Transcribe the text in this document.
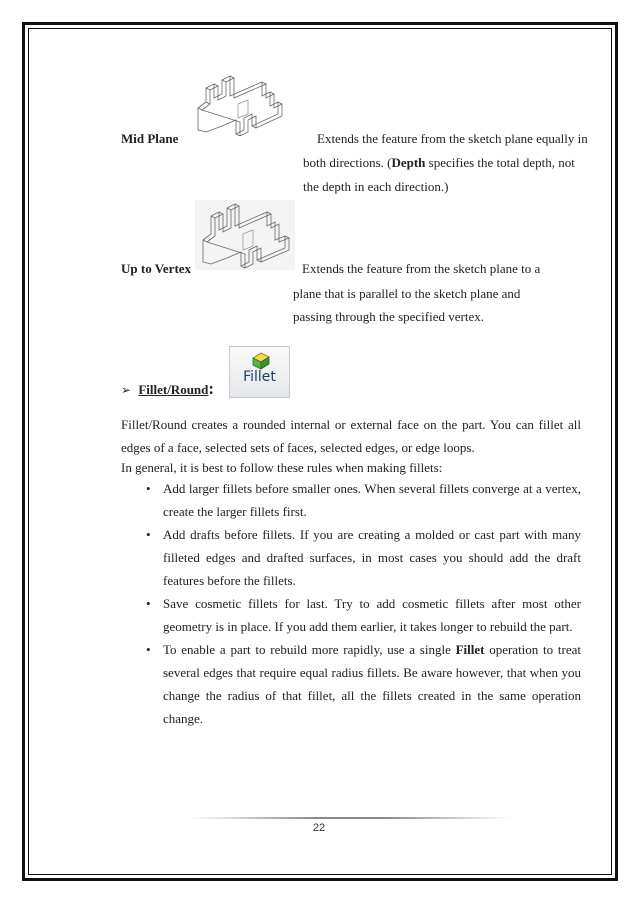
Mid Plane	Extends the feature from the sketch plane equally in
both directions. (Depth specifies the total depth, not
the depth in each direction.)
Up to Vertex	Extends the feature from the sketch plane to a
plane that is parallel to the sketch plane and
passing through the specified vertex.
➢ Fillet/Round:
Fillet
Fillet/Round creates a rounded internal or external face on the part. You can fillet all edges of a face, selected sets of faces, selected edges, or edge loops.
In general, it is best to follow these rules when making fillets:
• Add larger fillets before smaller ones. When several fillets converge at a vertex, create the larger fillets first.
• Add drafts before fillets. If you are creating a molded or cast part with many filleted edges and drafted surfaces, in most cases you should add the draft features before the fillets.
• Save cosmetic fillets for last. Try to add cosmetic fillets after most other geometry is in place. If you add them earlier, it takes longer to rebuild the part.
• To enable a part to rebuild more rapidly, use a single Fillet operation to treat several edges that require equal radius fillets. Be aware however, that when you change the radius of that fillet, all the fillets created in the same operation change.
22
